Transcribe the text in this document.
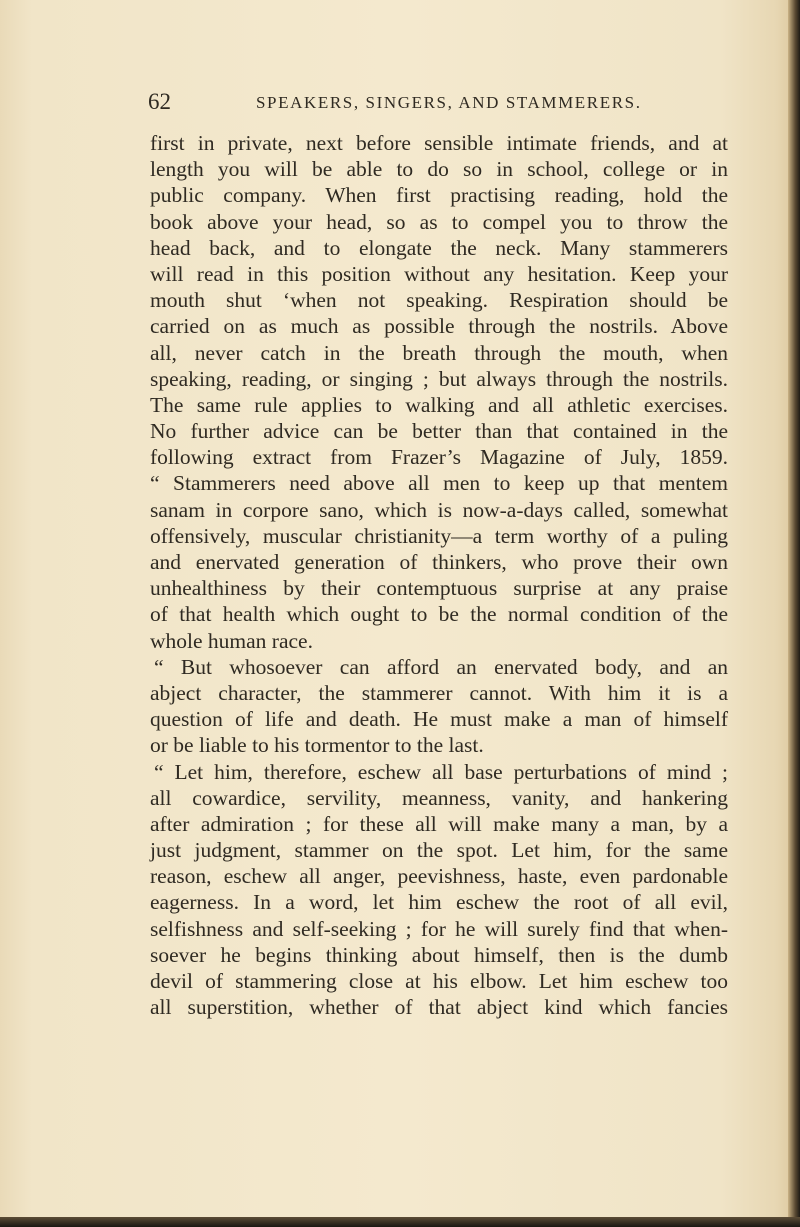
62	SPEAKERS, SINGERS, AND STAMMERERS.
first in private, next before sensible intimate friends, and at
length you will be able to do so in school, college or in
public company. When first practising reading, hold the
book above your head, so as to compel you to throw the
head back, and to elongate the neck. Many stammerers
will read in this position without any hesitation. Keep your
mouth shut ‘when not speaking. Respiration should be
carried on as much as possible through the nostrils. Above
all, never catch in the breath through the mouth, when
speaking, reading, or singing ; but always through the nostrils.
The same rule applies to walking and all athletic exercises.
No further advice can be better than that contained in the
following extract from Frazer’s Magazine of July, 1859.
“ Stammerers need above all men to keep up that mentem
sanam in corpore sano, which is now-a-days called, somewhat
offensively, muscular christianity—a term worthy of a puling
and enervated generation of thinkers, who prove their own
unhealthiness by their contemptuous surprise at any praise
of that health which ought to be the normal condition of the
whole human race.
“ But whosoever can afford an enervated body, and an
abject character, the stammerer cannot. With him it is a
question of life and death. He must make a man of himself
or be liable to his tormentor to the last.
“ Let him, therefore, eschew all base perturbations of mind ;
all cowardice, servility, meanness, vanity, and hankering
after admiration ; for these all will make many a man, by a
just judgment, stammer on the spot. Let him, for the same
reason, eschew all anger, peevishness, haste, even pardonable
eagerness. In a word, let him eschew the root of all evil,
selfishness and self-seeking ; for he will surely find that when-
soever he begins thinking about himself, then is the dumb
devil of stammering close at his elbow. Let him eschew too
all superstition, whether of that abject kind which fancies
